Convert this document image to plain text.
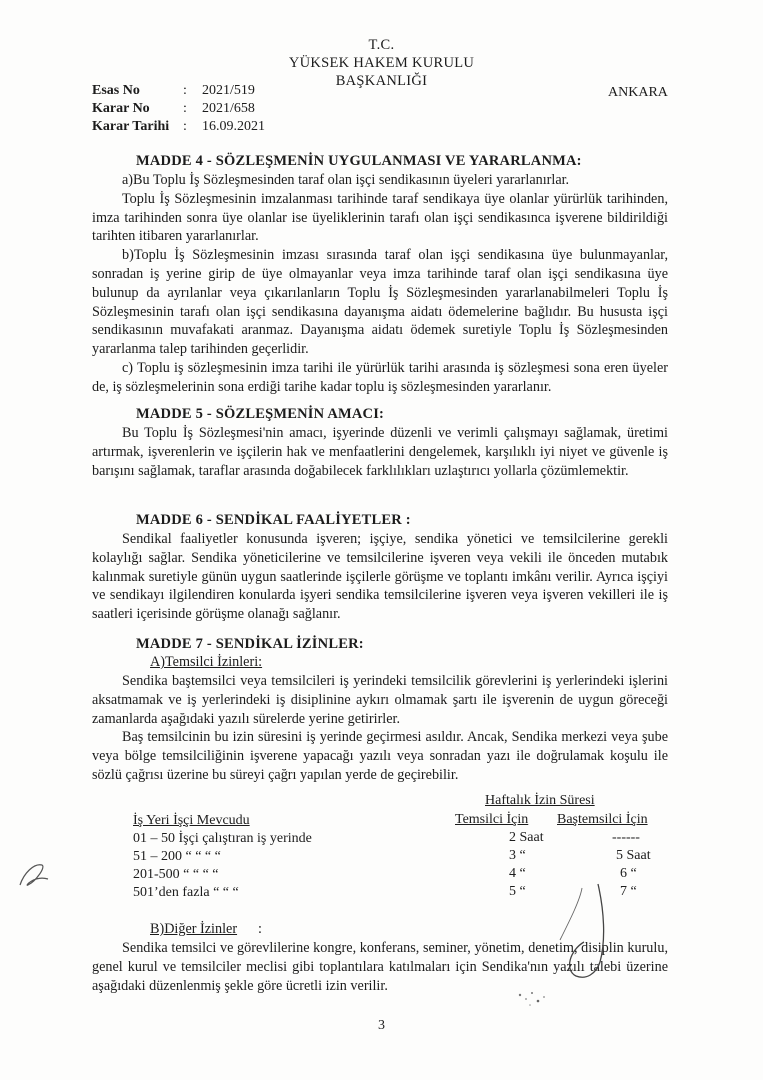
T.C.
YÜKSEK HAKEM KURULU
BAŞKANLIĞI
Esas No	: 2021/519
Karar No : 2021/658
Karar Tarihi : 16.09.2021
ANKARA
MADDE 4 - SÖZLEŞMENİN UYGULANMASI VE YARARLANMA:

a)Bu Toplu İş Sözleşmesinden taraf olan işçi sendikasının üyeleri yararlanırlar.

Toplu İş Sözleşmesinin imzalanması tarihinde taraf sendikaya üye olanlar yürürlük tarihinden, imza tarihinden sonra üye olanlar ise üyeliklerinin tarafı olan işçi sendikasınca işverene bildirildiği tarihten itibaren yararlanırlar.

b)Toplu İş Sözleşmesinin imzası sırasında taraf olan işçi sendikasına üye bulunmayanlar, sonradan iş yerine girip de üye olmayanlar veya imza tarihinde taraf olan işçi sendikasına üye bulunup da ayrılanlar veya çıkarılanların Toplu İş Sözleşmesinden yararlanabilmeleri Toplu İş Sözleşmesinin tarafı olan işçi sendikasına dayanışma aidatı ödemelerine bağlıdır. Bu hususta işçi sendikasının muvafakati aranmaz. Dayanışma aidatı ödemek suretiyle Toplu İş Sözleşmesinden yararlanma talep tarihinden geçerlidir.

c) Toplu iş sözleşmesinin imza tarihi ile yürürlük tarihi arasında iş sözleşmesi sona eren üyeler de, iş sözleşmelerinin sona erdiği tarihe kadar toplu iş sözleşmesinden yararlanır.

MADDE 5 - SÖZLEŞMENİN AMACI:

Bu Toplu İş Sözleşmesi'nin amacı, işyerinde düzenli ve verimli çalışmayı sağlamak, üretimi artırmak, işverenlerin ve işçilerin hak ve menfaatlerini dengelemek, karşılıklı iyi niyet ve güvenle iş barışını sağlamak, taraflar arasında doğabilecek farklılıkları uzlaştırıcı yollarla çözümlemektir.

MADDE 6 - SENDİKAL FAALİYETLER :

Sendikal faaliyetler konusunda işveren; işçiye, sendika yönetici ve temsilcilerine gerekli kolaylığı sağlar. Sendika yöneticilerine ve temsilcilerine işveren veya vekili ile önceden mutabık kalınmak suretiyle günün uygun saatlerinde işçilerle görüşme ve toplantı imkânı verilir. Ayrıca işçiyi ve sendikayı ilgilendiren konularda işyeri sendika temsilcilerine işveren veya işveren vekilleri ile iş saatleri içerisinde görüşme olanağı sağlanır.

MADDE 7 - SENDİKAL İZİNLER:
A)Temsilci İzinleri:

Sendika baştemsilci veya temsilcileri iş yerindeki temsilcilik görevlerini iş yerlerindeki işlerini aksatmamak ve iş yerlerindeki iş disiplinine aykırı olmamak şartı ile işverenin de uygun göreceği zamanlarda aşağıdaki yazılı sürelerde yerine getirirler.

Baş temsilcinin bu izin süresini iş yerinde geçirmesi asıldır. Ancak, Sendika merkezi veya şube veya bölge temsilciliğinin işverene yapacağı yazılı veya sonradan yazı ile doğrulamak koşulu ile sözlü çağrısı üzerine bu süreyi çağrı yapılan yerde de geçirebilir.

Haftalık İzin Süresi
İş Yeri İşçi Mevcudu	Temsilci İçin Baştemsilci İçin
01 – 50 İşçi çalıştıran iş yerinde	2 Saat	------
51 – 200 “ “ “ “	3 “	5 Saat
201-500 “ “ “ “	4 “	6 “
501’den fazla “ “ “	5 “	7 “
B)Diğer İzinler :

Sendika temsilci ve görevlilerine kongre, konferans, seminer, yönetim, denetim, disiplin kurulu, genel kurul ve temsilciler meclisi gibi toplantılara katılmaları için Sendika'nın yazılı talebi üzerine aşağıdaki düzenlenmiş şekle göre ücretli izin verilir.

3
